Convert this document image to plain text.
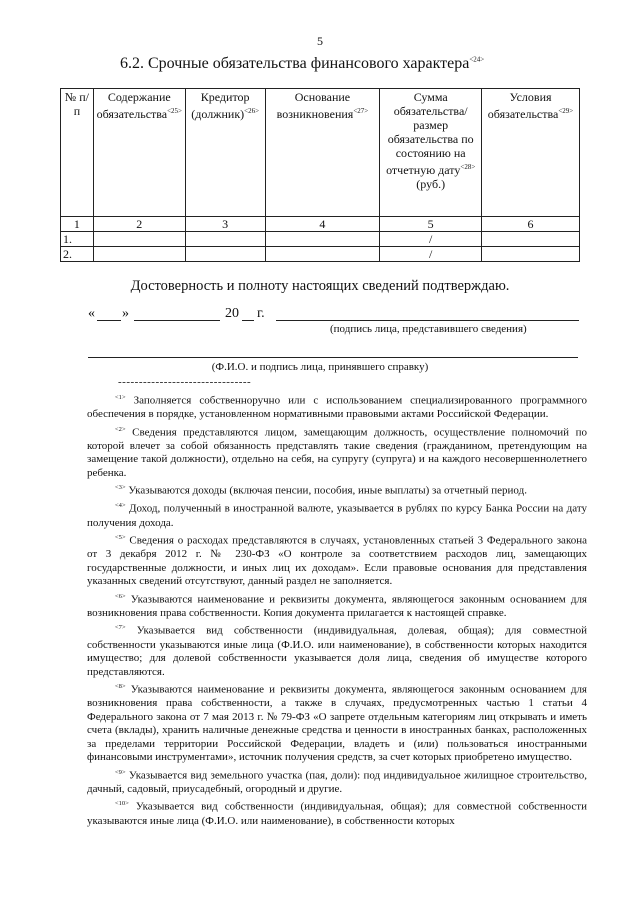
5
6.2. Срочные обязательства финансового характера$^{<24>}$
№ п/п	Содержание обязательства$^{<25>}$	Кредитор (должник)$^{<26>}$	Основание возникновения$^{<27>}$	Сумма обязательства/ размер обязательства по состоянию на отчетную дату$^{<28>}$ (руб.)	Условия обязательства$^{<29>}$
1	2	3	4	5	6
1.				/	
2.				/	
Достоверность и полноту настоящих сведений подтверждаю.
« »	20 г.
(подпись лица, представившего сведения)
(Ф.И.О. и подпись лица, принявшего справку)
--------------------------------

$^{<1>}$ Заполняется собственноручно или с использованием специализированного программного обеспечения в порядке, установленном нормативными правовыми актами Российской Федерации.

$^{<2>}$ Сведения представляются лицом, замещающим должность, осуществление полномочий по которой влечет за собой обязанность представлять такие сведения (гражданином, претендующим на замещение такой должности), отдельно на себя, на супругу (супруга) и на каждого несовершеннолетнего ребенка.

$^{<3>}$ Указываются доходы (включая пенсии, пособия, иные выплаты) за отчетный период.

$^{<4>}$ Доход, полученный в иностранной валюте, указывается в рублях по курсу Банка России на дату получения дохода.

$^{<5>}$ Сведения о расходах представляются в случаях, установленных статьей 3 Федерального закона от 3 декабря 2012 г. № 230-ФЗ «О контроле за соответствием расходов лиц, замещающих государственные должности, и иных лиц их доходам». Если правовые основания для представления указанных сведений отсутствуют, данный раздел не заполняется.

$^{<6>}$ Указываются наименование и реквизиты документа, являющегося законным основанием для возникновения права собственности. Копия документа прилагается к настоящей справке.

$^{<7>}$ Указывается вид собственности (индивидуальная, долевая, общая); для совместной собственности указываются иные лица (Ф.И.О. или наименование), в собственности которых находится имущество; для долевой собственности указывается доля лица, сведения об имуществе которого представляются.

$^{<8>}$ Указываются наименование и реквизиты документа, являющегося законным основанием для возникновения права собственности, а также в случаях, предусмотренных частью 1 статьи 4 Федерального закона от 7 мая 2013 г. № 79-ФЗ «О запрете отдельным категориям лиц открывать и иметь счета (вклады), хранить наличные денежные средства и ценности в иностранных банках, расположенных за пределами территории Российской Федерации, владеть и (или) пользоваться иностранными финансовыми инструментами», источник получения средств, за счет которых приобретено имущество.

$^{<9>}$ Указывается вид земельного участка (пая, доли): под индивидуальное жилищное строительство, дачный, садовый, приусадебный, огородный и другие.

$^{<10>}$ Указывается вид собственности (индивидуальная, общая); для совместной собственности указываются иные лица (Ф.И.О. или наименование), в собственности которых
